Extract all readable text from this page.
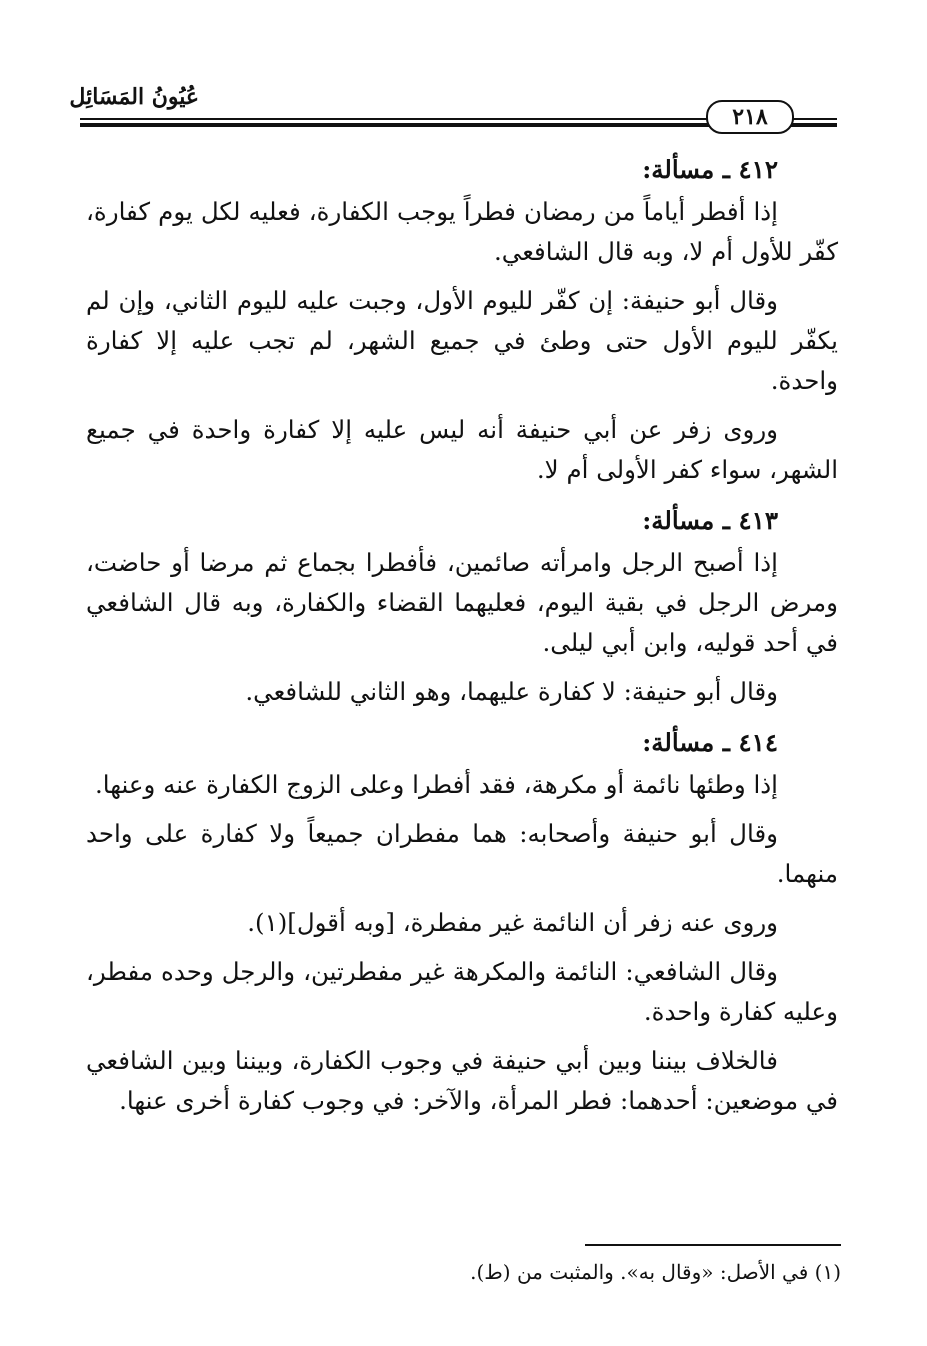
عُيُونُ المَسَائِل
٢١٨

٤١٢ ـ مسألة:

إذا أفطر أياماً من رمضان فطراً يوجب الكفارة، فعليه لكل يوم كفارة، كفّر للأول أم لا، وبه قال الشافعي.

وقال أبو حنيفة: إن كفّر لليوم الأول، وجبت عليه لليوم الثاني، وإن لم يكفّر لليوم الأول حتى وطئ في جميع الشهر، لم تجب عليه إلا كفارة واحدة.

وروى زفر عن أبي حنيفة أنه ليس عليه إلا كفارة واحدة في جميع الشهر، سواء كفر الأولى أم لا.

٤١٣ ـ مسألة:

إذا أصبح الرجل وامرأته صائمين، فأفطرا بجماع ثم مرضا أو حاضت، ومرض الرجل في بقية اليوم، فعليهما القضاء والكفارة، وبه قال الشافعي في أحد قوليه، وابن أبي ليلى.

وقال أبو حنيفة: لا كفارة عليهما، وهو الثاني للشافعي.

٤١٤ ـ مسألة:

إذا وطئها نائمة أو مكرهة، فقد أفطرا وعلى الزوج الكفارة عنه وعنها.

وقال أبو حنيفة وأصحابه: هما مفطران جميعاً ولا كفارة على واحد منهما.

وروى عنه زفر أن النائمة غير مفطرة، [وبه أقول](١).

وقال الشافعي: النائمة والمكرهة غير مفطرتين، والرجل وحده مفطر، وعليه كفارة واحدة.

فالخلاف بيننا وبين أبي حنيفة في وجوب الكفارة، وبيننا وبين الشافعي في موضعين: أحدهما: فطر المرأة، والآخر: في وجوب كفارة أخرى عنها.

(١) في الأصل: «وقال به». والمثبت من (ط).
